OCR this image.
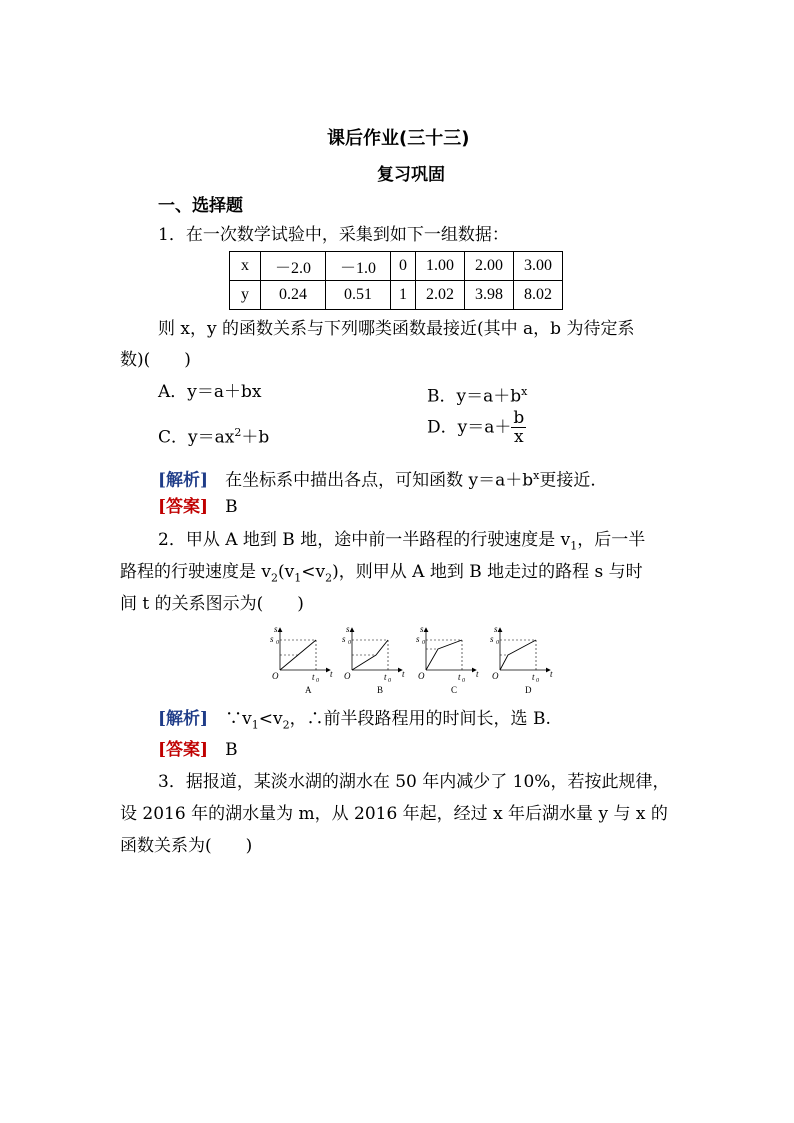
课后作业(三十三)
复习巩固
一、选择题
1．在一次数学试验中，采集到如下一组数据：
x	－2.0	－1.0	0	1.00	2.00	3.00
y	0.24	0.51	1	2.02	3.98	8.02
则 x，y 的函数关系与下列哪类函数最接近(其中 a，b 为待定系
数)(　　)
A．y＝a＋bx	B．$y=a+b^x$
C．$y=ax^2+b$
D．$y=a+ \frac{b}{x}$
[解析]　在坐标系中描出各点，可知函数 $y=a+b^x$更接近．
[答案]　B
2．甲从 A 地到 B 地，途中前一半路程的行驶速度是 $v_1$，后一半
路程的行驶速度是 $v_2(v_1<v_2)$，则甲从 A 地到 B 地走过的路程 s 与时
间 t 的关系图示为(　　)
s
t
s 0
O	t 0
A
s
t
s 0
O	t 0
B
s
t
s 0
O	t 0
C
s
t
s 0
O	t 0
D
[解析]　$\because v_1<v_2$，∴前半段路程用的时间长，选 B.
[答案]　B
3．据报道，某淡水湖的湖水在 50 年内减少了 10%，若按此规律，
设 2016 年的湖水量为 m，从 2016 年起，经过 x 年后湖水量 y 与 x 的
函数关系为(　　)
